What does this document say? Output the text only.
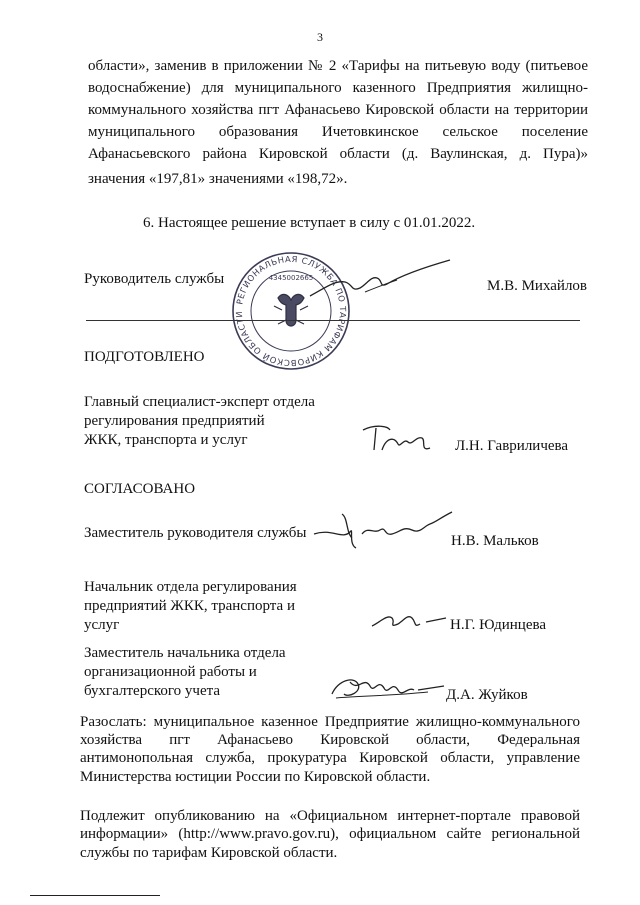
3
области», заменив в приложении № 2 «Тарифы на питьевую воду (питьевое
водоснабжение) для муниципального казенного Предприятия жилищно-
коммунального хозяйства пгт Афанасьево Кировской области на территории
муниципального образования Ичетовкинское сельское поселение
Афанасьевского района Кировской области (д. Ваулинская, д. Пура)»
значения «197,81» значениями «198,72».
6. Настоящее решение вступает в силу с 01.01.2022.
Руководитель службы	М.В. Михайлов
РЕГИОНАЛЬНАЯ СЛУЖБА ПО ТАРИФАМ КИРОВСКОЙ ОБЛАСТИ
4345002665
ПОДГОТОВЛЕНО
Главный специалист-эксперт отдела
регулирования предприятий
ЖКК, транспорта и услуг	Л.Н. Гавриличева
СОГЛАСОВАНО
Заместитель руководителя службы	Н.В. Мальков
Начальник отдела регулирования
предприятий ЖКК, транспорта и
услуг	Н.Г. Юдинцева
Заместитель начальника отдела
организационной работы и
бухгалтерского учета	Д.А. Жуйков
Разослать: муниципальное казенное Предприятие жилищно-коммунального
хозяйства пгт Афанасьево Кировской области, Федеральная
антимонопольная служба, прокуратура Кировской области, управление
Министерства юстиции России по Кировской области.
Подлежит опубликованию на «Официальном интернет-портале правовой
информации» (http://www.pravo.gov.ru), официальном сайте региональной
службы по тарифам Кировской области.
